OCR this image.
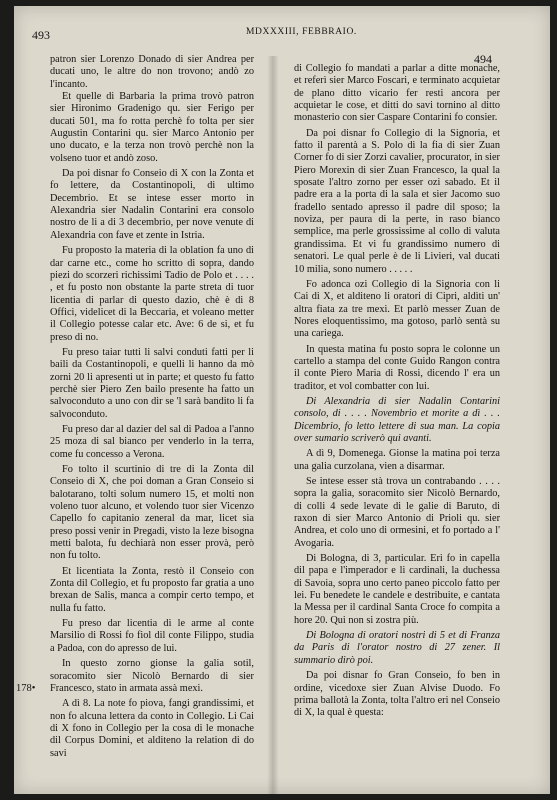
493	MDXXXIII, FEBBRAIO.
494
178•

patron sier Lorenzo Donado di sier Andrea per ducati uno, le altre do non trovono; andò zo l'incanto.

Et quelle di Barbaria la prima trovò patron sier Hironimo Gradenigo qu. sier Ferigo per ducati 501, ma fo rotta perchè fo tolta per sier Augustin Contarini qu. sier Marco Antonio per uno ducato, e la terza non trovò perchè non la volseno tuor et andò zoso.

Da poi disnar fo Conseio di X con la Zonta et fo lettere, da Costantinopoli, di ultimo Decembrio. Et se intese esser morto in Alexandria sier Nadalin Contarini era consolo nostro de li a di 3 decembrio, per nove venute di Alexandria con fave et zente in Istria.

Fu proposto la materia di la oblation fa uno di dar carne etc., come ho scritto di sopra, dando piezi do scorzeri richissimi Tadio de Polo et . . . . , et fu posto non obstante la parte streta di tuor licentia di parlar di questo dazio, chè è di 8 Offici, videlicet di la Beccaria, et voleano metter il Collegio potesse calar etc. Ave: 6 de si, et fu preso di no.

Fu preso taiar tutti li salvi conduti fatti per li baili da Costantinopoli, e quelli li hanno da mò zorni 20 li apresenti ut in parte; et questo fu fatto perchè sier Piero Zen bailo presente ha fatto un salvoconduto a uno con dir se 'l sarà bandito li fa salvoconduto.

Fu preso dar al dazier del sal di Padoa a l'anno 25 moza di sal bianco per venderlo in la terra, come fu concesso a Verona.

Fo tolto il scurtinio di tre di la Zonta dil Conseio di X, che poi doman a Gran Conseio si balotarano, tolti solum numero 15, et molti non voleno tuor alcuno, et volendo tuor sier Vicenzo Capello fo capitanio zeneral da mar, licet sia preso possi venir in Pregadi, visto la leze bisogna metti balota, fu dechiarà non esser provà, però non fu tolto.

Et licentiata la Zonta, restò il Conseio con Zonta dil Collegio, et fu proposto far gratia a uno brexan de Salis, manca a compir certo tempo, et nulla fu fatto.

Fu preso dar licentia di le arme al conte Marsilio di Rossi fo fiol dil conte Filippo, studia a Padoa, con do apresso de lui.

In questo zorno gionse la galia sotil, soracomito sier Nicolò Bernardo di sier Francesco, stato in armata assà mexi.

A dì 8. La note fo piova, fangi grandissimi, et non fo alcuna lettera da conto in Collegio. Li Cai di X fono in Collegio per la cosa di le monache dil Corpus Domini, et alditeno la relation di do savi

di Collegio fo mandati a parlar a ditte monache, et referì sier Marco Foscari, e terminato acquietar de plano ditto vicario fer resti ancora per acquietar le cose, et ditti do savi tornino al ditto monasterio con sier Caspare Contarini fo consier.

Da poi disnar fo Collegio di la Signoria, et fatto il parentà a S. Polo di la fia di sier Zuan Corner fo di sier Zorzi cavalier, procurator, in sier Piero Morexin di sier Zuan Francesco, la qual la sposate l'altro zorno per esser ozi sabado. Et il padre era a la porta di la sala et sier Jacomo suo fradello sentado apresso il padre dil sposo; la noviza, per paura di la perte, in raso bianco semplice, ma perle grossissime al collo di valuta grandissima. Et vi fu grandissimo numero di senatori. Le qual perle è de li Livieri, val ducati 10 milia, sono numero . . . . .

Fo adonca ozi Collegio di la Signoria con li Cai di X, et alditeno li oratori di Cipri, aldìti un' altra fiata za tre mexi. Et parlò messer Zuan de Nores eloquentissimo, ma gotoso, parlò sentà su una cariega.

In questa matina fu posto sopra le colonne un cartello a stampa del conte Guido Rangon contra il conte Piero Maria di Rossi, dicendo l' era un traditor, et vol combatter con lui.

Di Alexandria di sier Nadalin Contarini consolo, di . . . . Novembrio et morite a dì . . . Dicembrio, fo letto lettere di sua man. La copia over sumario scriverò qui avanti.

A dì 9, Domenega. Gionse la matina poi terza una galia curzolana, vien a disarmar.

Se intese esser stà trova un contrabando . . . . sopra la galia, soracomito sier Nicolò Bernardo, di colli 4 sede levate di le galie di Baruto, di raxon di sier Marco Antonio di Prioli qu. sier Andrea, et colo uno di ormesini, et fo portado a l' Avogaria.

Di Bologna, di 3, particular. Eri fo in capella dil papa e l'imperador e li cardinali, la duchessa di Savoia, sopra uno certo paneo piccolo fatto per lei. Fu benedete le candele e destribuite, e cantata la Messa per il cardinal Santa Croce fo compita a hore 20. Qui non si zostra più.

Di Bologna di oratori nostri di 5 et di Franza da Paris di l'orator nostro di 27 zener. Il summario dirò poi.

Da poi disnar fo Gran Conseio, fo ben in ordine, vicedoxe sier Zuan Alvise Duodo. Fo prima ballotà la Zonta, tolta l'altro eri nel Conseio di X, la qual è questa:
